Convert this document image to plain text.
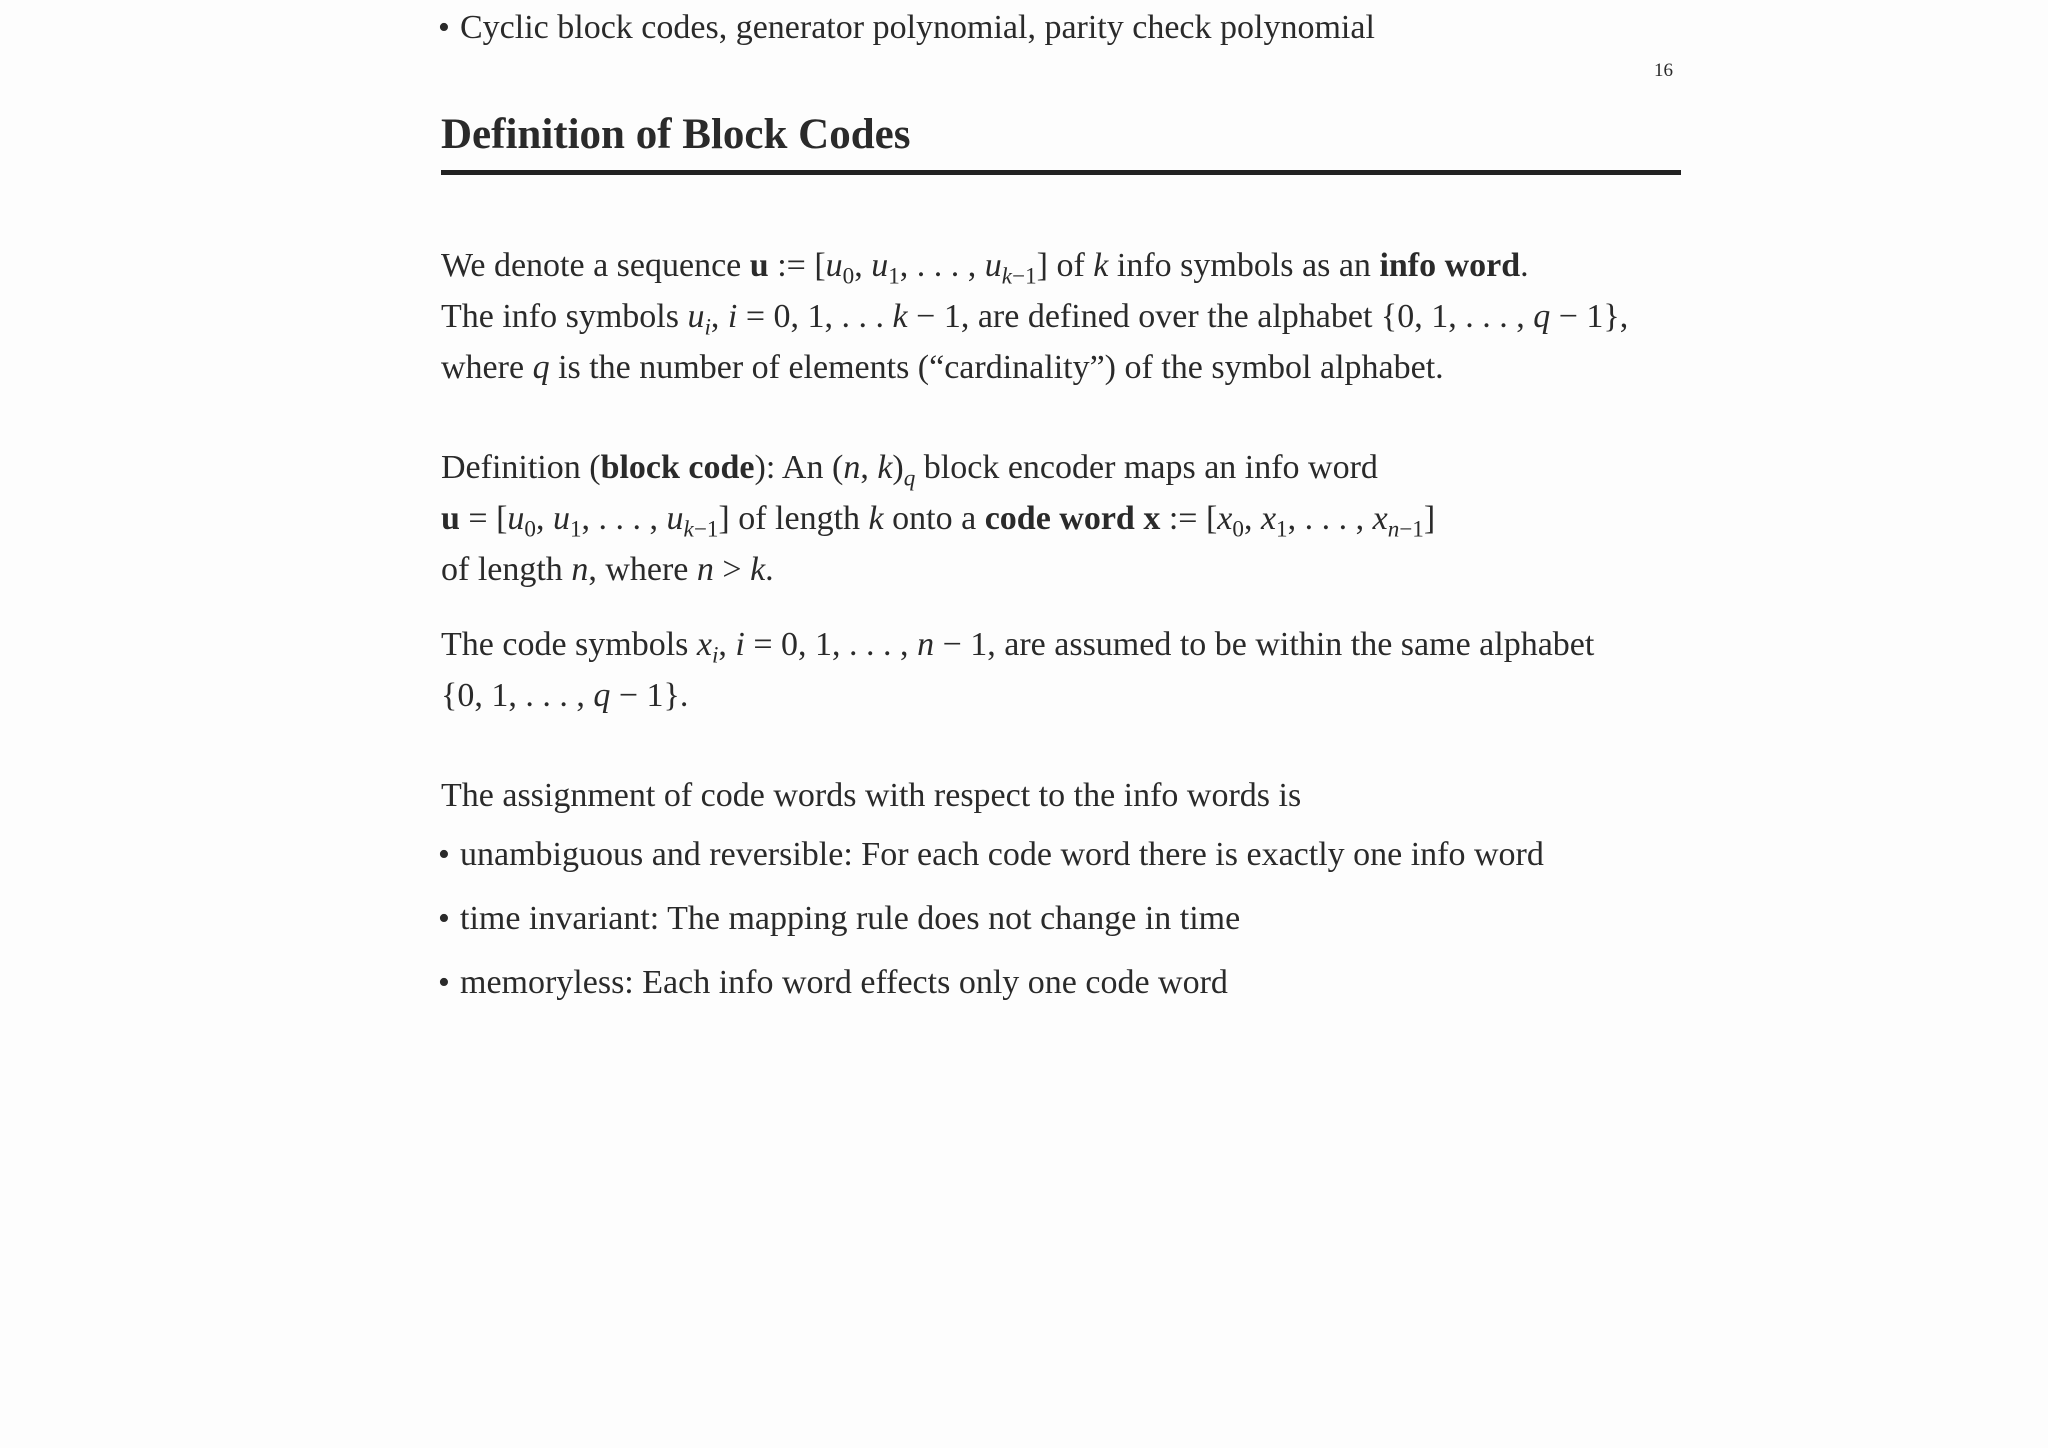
• Cyclic block codes, generator polynomial, parity check polynomial
16
Definition of Block Codes
We denote a sequence u := [$u_0$, $u_1$, . . . , $u_{k-1}$] of k info symbols as an info word.
The info symbols $u_i$, i = 0, 1, . . . k − 1, are defined over the alphabet {0, 1, . . . , q − 1},
where q is the number of elements (“cardinality”) of the symbol alphabet.
Definition (block code): An (n, $k)_q$ block encoder maps an info word
$u = [u_0$, $u_1$, . . . , $u_{k-1}$] of length k onto a code word x := [$x_0$, $x_1$, . . . , $x_{n-1}$]
of length n, where n > k.
The code symbols $x_i$, i = 0, 1, . . . , n − 1, are assumed to be within the same alphabet
{0, 1, . . . , q − 1}.
The assignment of code words with respect to the info words is
• unambiguous and reversible: For each code word there is exactly one info word
• time invariant: The mapping rule does not change in time
• memoryless: Each info word effects only one code word
